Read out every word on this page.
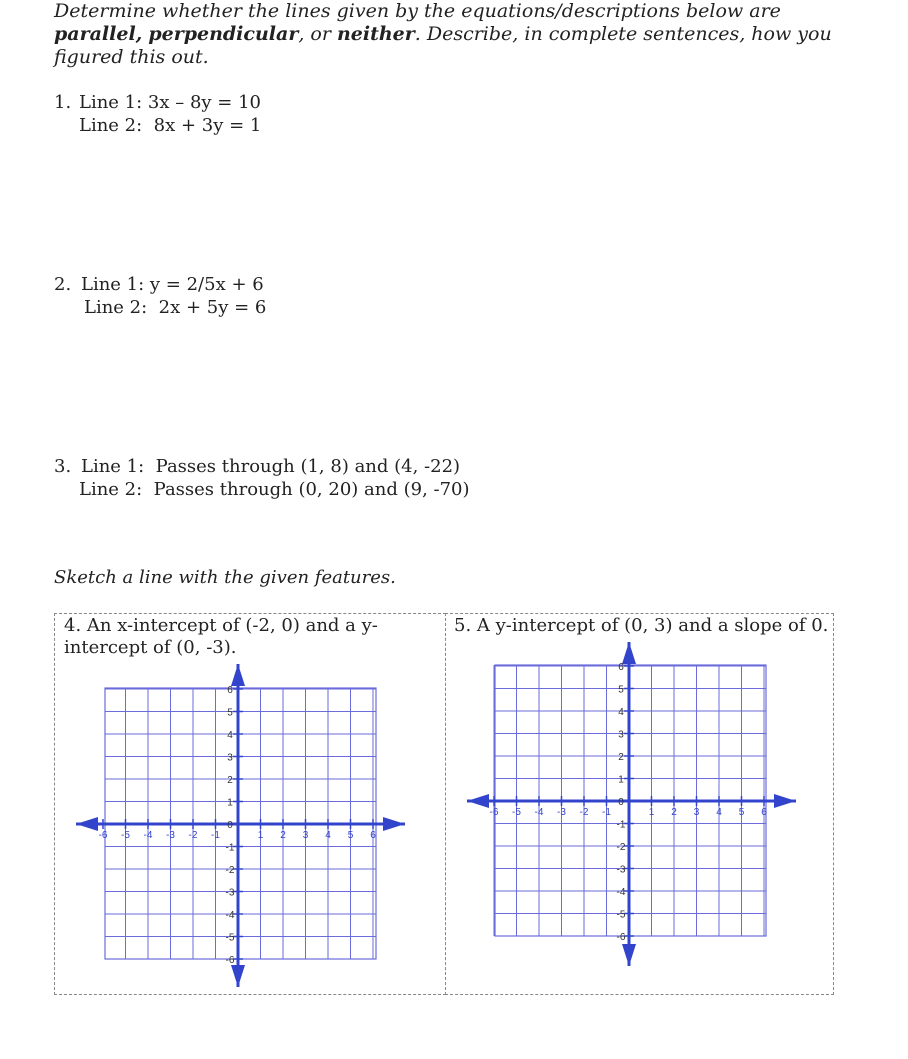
Determine whether the lines given by the equations/descriptions below are parallel, perpendicular, or neither. Describe, in complete sentences, how you figured this out.
1. Line 1: 3x – 8y = 10
Line 2:  8x + 3y = 1
2. Line 1: y = 2/5x + 6
Line 2:  2x + 5y = 6
3. Line 1:  Passes through (1, 8) and (4, -22)
Line 2:  Passes through (0, 20) and (9, -70)
Sketch a line with the given features.
4. An x-intercept of (-2, 0) and a y-
intercept of (0, -3).
5. A y-intercept of (0, 3) and a slope of 0.
-6 -5 -4 -3 -2 -1	1 2 3 4 5 6
6
5
4
3
2
1
0
-1
-2
-3
-4
-5
-6
-6 -5 -4 -3 -2 -1	1 2 3 4 5 6
6
5
4
3
2
1
0
-1
-2
-3
-4
-5
-6
